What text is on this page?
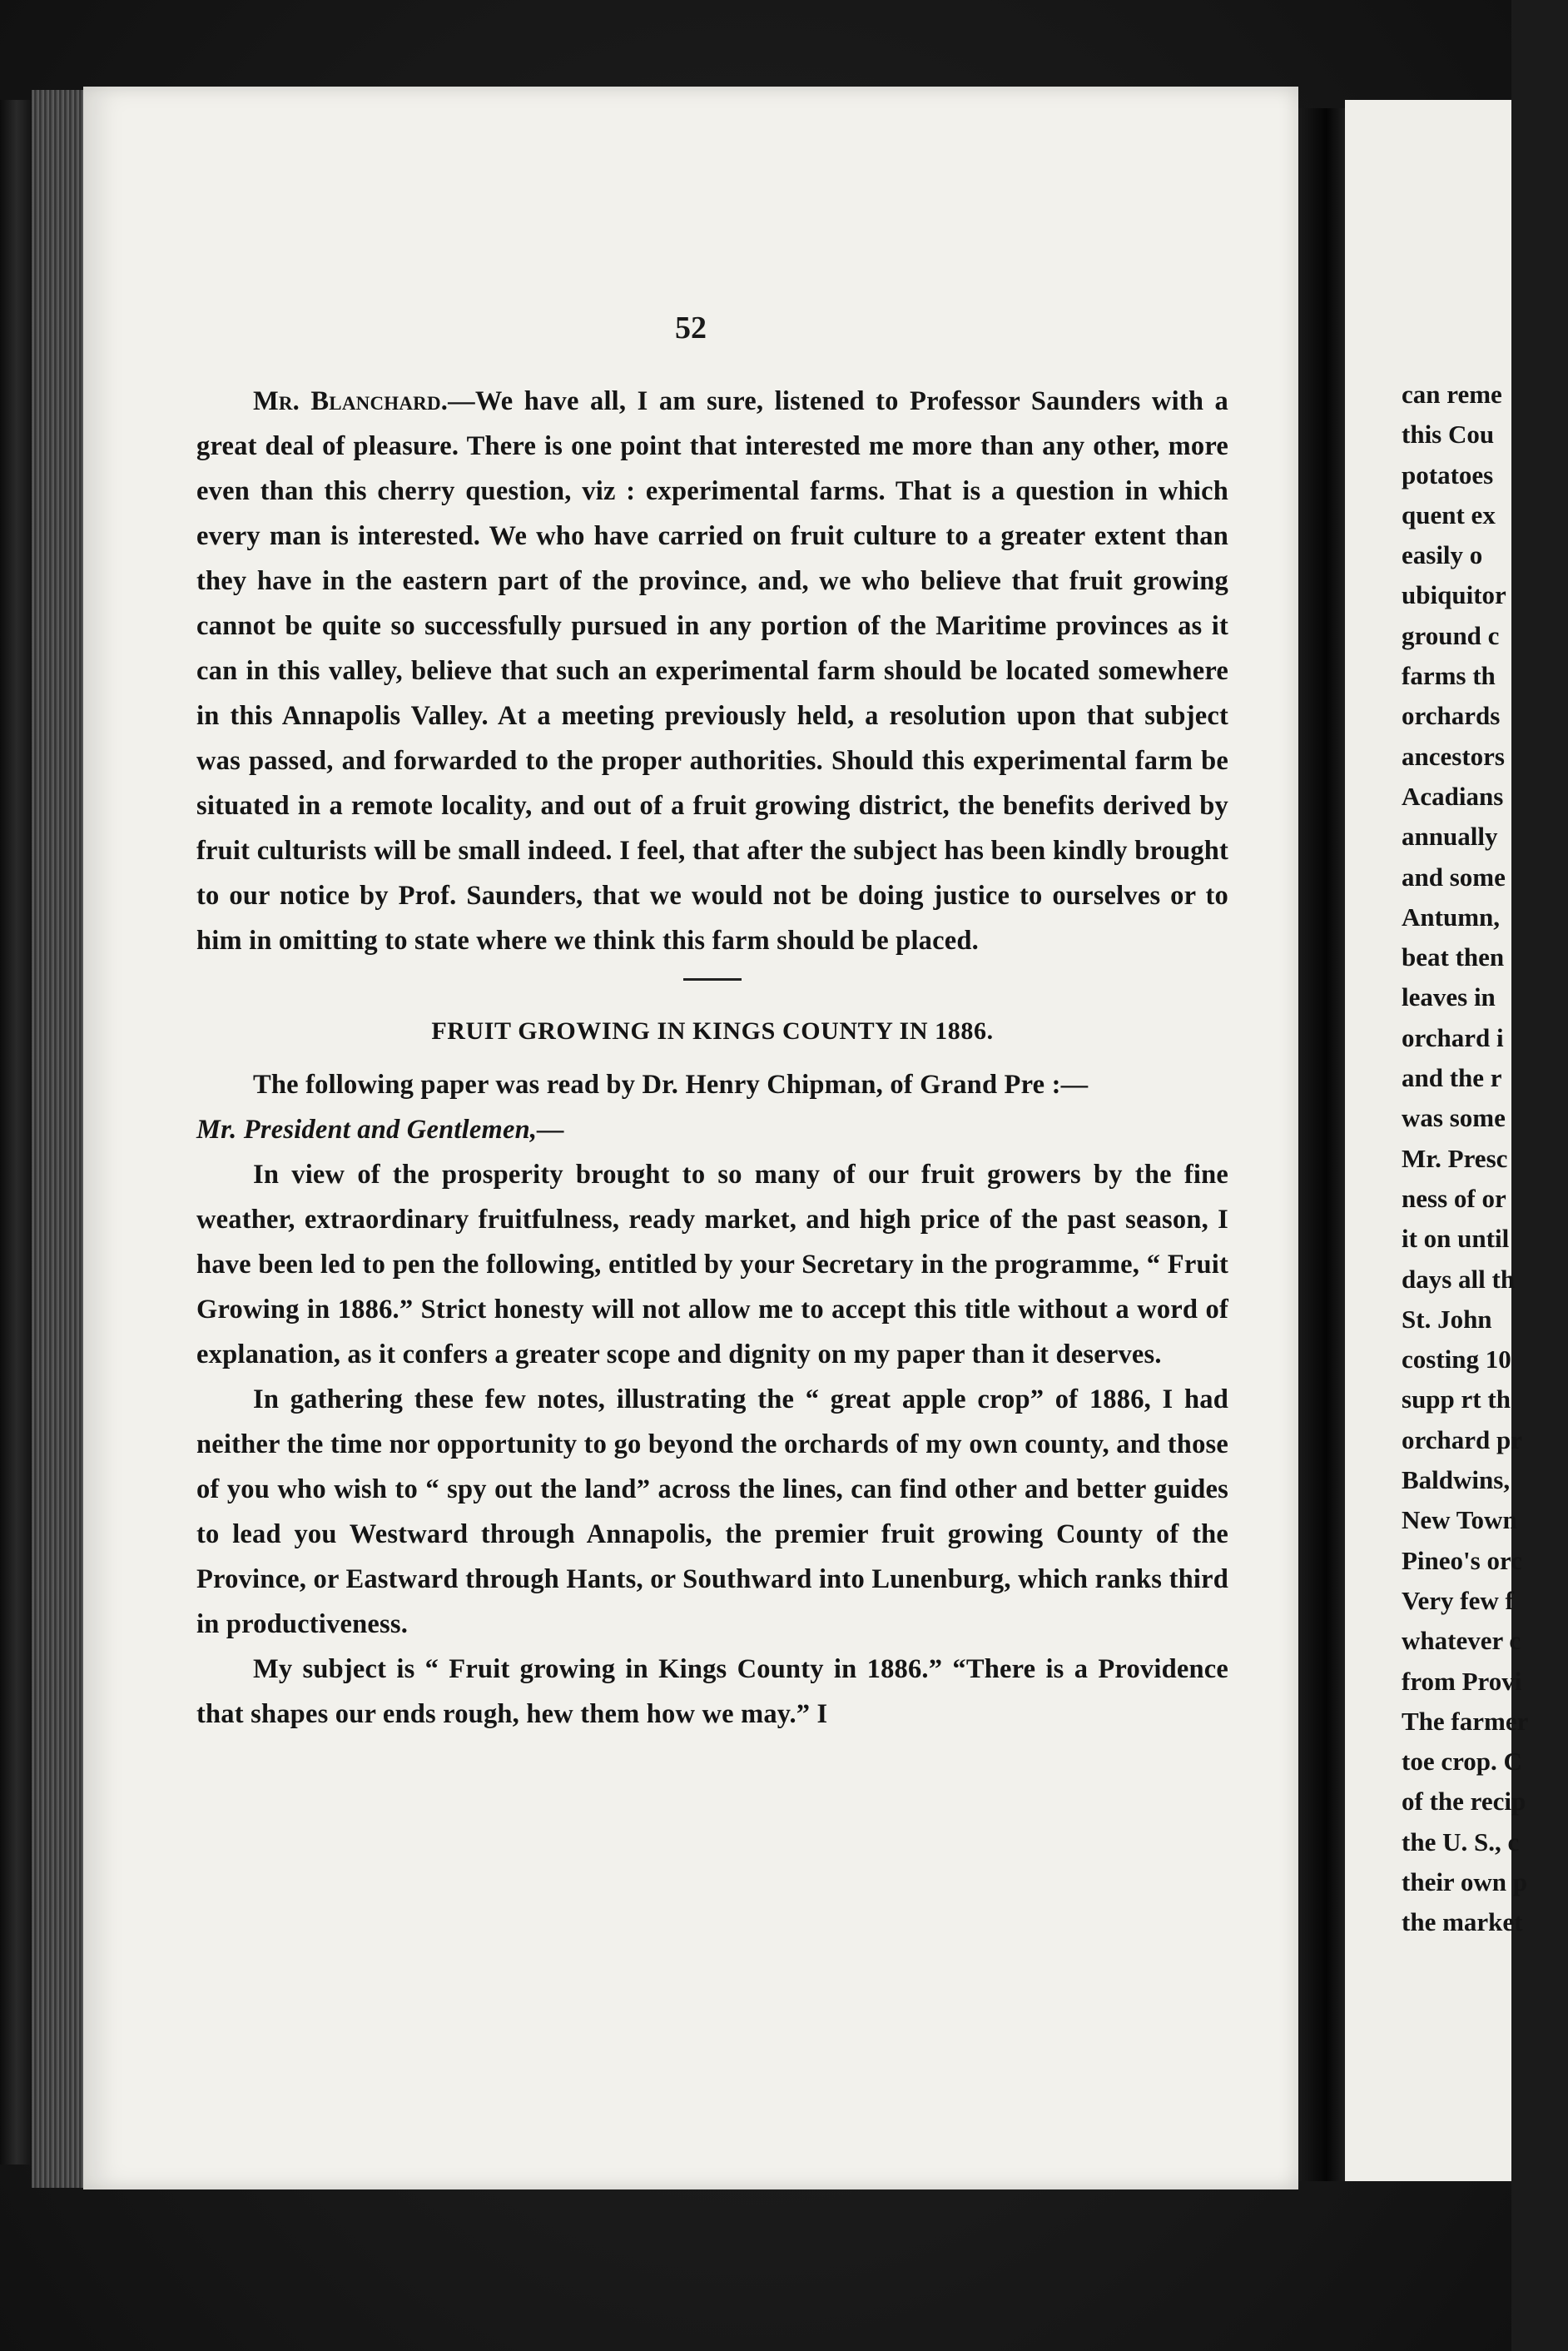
52

Mr. Blanchard.—We have all, I am sure, listened to Professor Saunders with a great deal of pleasure. There is one point that interested me more than any other, more even than this cherry question, viz : experimental farms. That is a question in which every man is interested. We who have carried on fruit culture to a greater extent than they have in the eastern part of the province, and, we who believe that fruit growing cannot be quite so successfully pursued in any portion of the Maritime provinces as it can in this valley, believe that such an experimental farm should be located somewhere in this Annapolis Valley. At a meeting previously held, a resolution upon that subject was passed, and forwarded to the proper authorities. Should this experimental farm be situated in a remote locality, and out of a fruit growing district, the benefits derived by fruit culturists will be small indeed. I feel, that after the subject has been kindly brought to our notice by Prof. Saunders, that we would not be doing justice to ourselves or to him in omitting to state where we think this farm should be placed.

FRUIT GROWING IN KINGS COUNTY IN 1886.

The following paper was read by Dr. Henry Chipman, of Grand Pre :—

Mr. President and Gentlemen,—

In view of the prosperity brought to so many of our fruit growers by the fine weather, extraordinary fruitfulness, ready market, and high price of the past season, I have been led to pen the following, entitled by your Secretary in the programme, “ Fruit Growing in 1886.” Strict honesty will not allow me to accept this title without a word of explanation, as it confers a greater scope and dignity on my paper than it deserves.

In gathering these few notes, illustrating the “ great apple crop” of 1886, I had neither the time nor opportunity to go beyond the orchards of my own county, and those of you who wish to “ spy out the land” across the lines, can find other and better guides to lead you Westward through Annapolis, the premier fruit growing County of the Province, or Eastward through Hants, or Southward into Lunenburg, which ranks third in productiveness.

My subject is “ Fruit growing in Kings County in 1886.” “There is a Providence that shapes our ends rough, hew them how we may.” I

can reme
this Cou
potatoes
quent ex
easily o
ubiquitor
ground c
farms th
orchards
ancestors
Acadians
annually
and some
Antumn,
beat then
leaves in
orchard i
and the r
was some
Mr. Presc
ness of or
it on until
days all th
St. John
costing 10
supp rt th
orchard pr
Baldwins,
New Town
Pineo's orc
Very few f
whatever c
from Provi
The farmer
toe crop. C
of the recip
the U. S., c
their own p
the market
